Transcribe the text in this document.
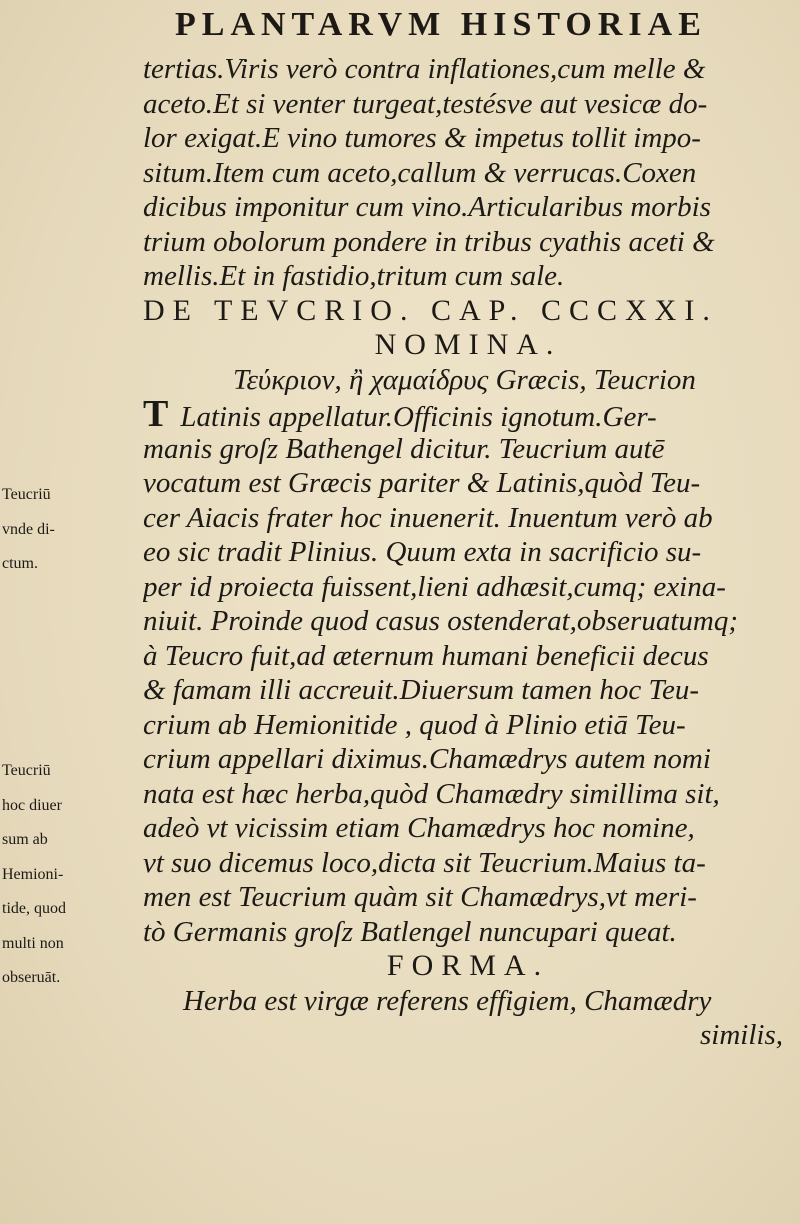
PLANTARVM HISTORIAE
tertias.Viris verò contra inflationes,cum melle &
aceto.Et si venter turgeat,testésve aut vesicæ do-
lor exigat.E vino tumores & impetus tollit impo-
situm.Item cum aceto,callum & verrucas.Coxen
dicibus imponitur cum vino.Articularibus morbis
trium obolorum pondere in tribus cyathis aceti &
mellis.Et in fastidio,tritum cum sale.
DE TEVCRIO. CAP. CCCXXI.
NOMINA.
Τεύκριον, ἢ χαμαίδρυς Græcis, Teucrion
T Latinis appellatur.Officinis ignotum.Ger-
manis groſz Bathengel dicitur. Teucrium autē
vocatum est Græcis pariter & Latinis,quòd Teu-
cer Aiacis frater hoc inuenerit. Inuentum verò ab
eo sic tradit Plinius. Quum exta in sacrificio su-
per id proiecta fuissent,lieni adhæsit,cumq; exina-
niuit. Proinde quod casus ostenderat,obseruatumq;
à Teucro fuit,ad æternum humani beneficii decus
& famam illi accreuit.Diuersum tamen hoc Teu-
crium ab Hemionitide , quod à Plinio etiā Teu-
crium appellari diximus.Chamædrys autem nomi
nata est hæc herba,quòd Chamædry simillima sit,
adeò vt vicissim etiam Chamædrys hoc nomine,
vt suo dicemus loco,dicta sit Teucrium.Maius ta-
men est Teucrium quàm sit Chamædrys,vt meri-
tò Germanis groſz Batlengel nuncupari queat.
FORMA.
Herba est virgæ referens effigiem, Chamædry
similis,
Teucriū
vnde di-
ctum.
Teucriū
hoc diuer
sum ab
Hemioni-
tide, quod
multi non
obseruāt.
